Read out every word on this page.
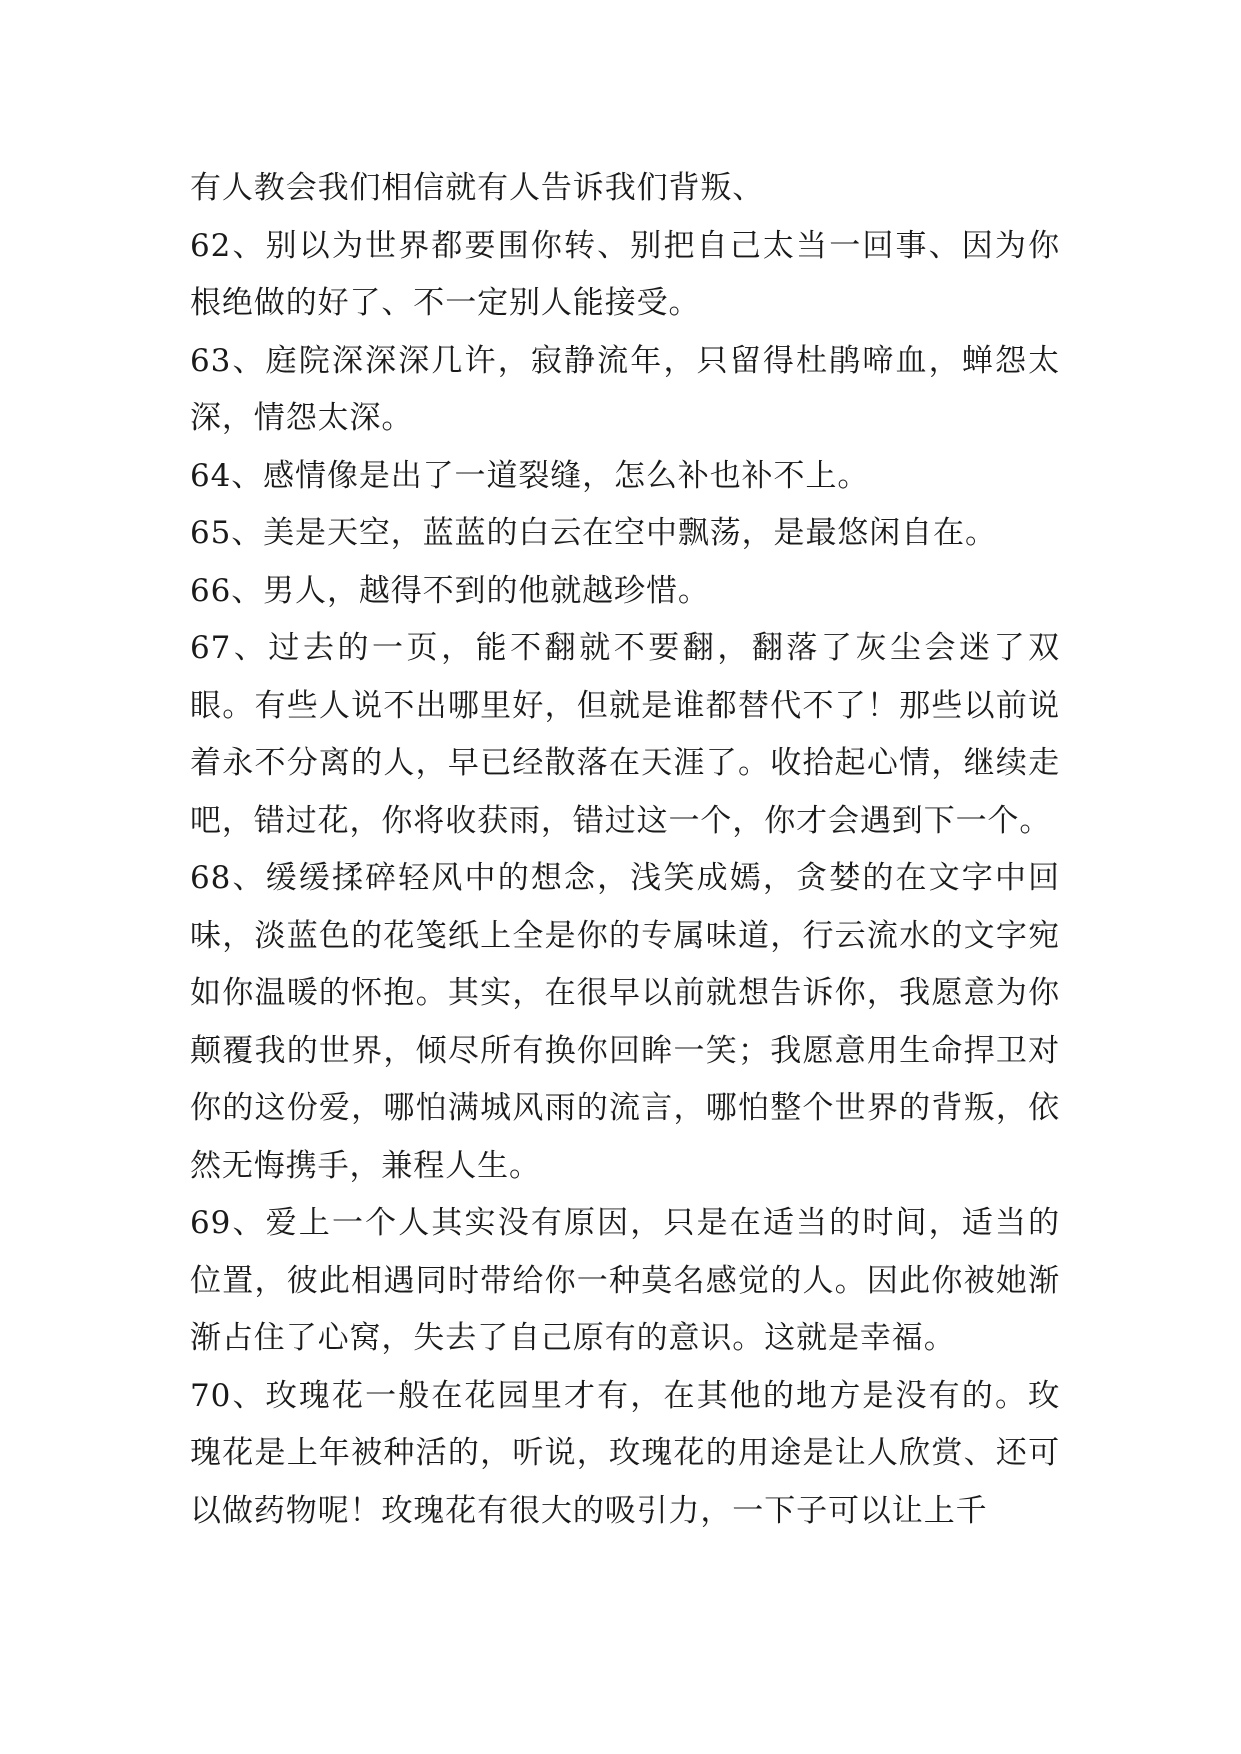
有人教会我们相信就有人告诉我们背叛、

62、别以为世界都要围你转、别把自己太当一回事、因为你根绝做的好了、不一定别人能接受。

63、庭院深深深几许，寂静流年，只留得杜鹃啼血，蝉怨太深，情怨太深。

64、感情像是出了一道裂缝，怎么补也补不上。

65、美是天空，蓝蓝的白云在空中飘荡，是最悠闲自在。

66、男人，越得不到的他就越珍惜。

67、过去的一页，能不翻就不要翻，翻落了灰尘会迷了双眼。有些人说不出哪里好，但就是谁都替代不了！那些以前说着永不分离的人，早已经散落在天涯了。收拾起心情，继续走吧，错过花，你将收获雨，错过这一个，你才会遇到下一个。

68、缓缓揉碎轻风中的想念，浅笑成嫣，贪婪的在文字中回味，淡蓝色的花笺纸上全是你的专属味道，行云流水的文字宛如你温暖的怀抱。其实，在很早以前就想告诉你，我愿意为你颠覆我的世界，倾尽所有换你回眸一笑；我愿意用生命捍卫对你的这份爱，哪怕满城风雨的流言，哪怕整个世界的背叛，依然无悔携手，兼程人生。

69、爱上一个人其实没有原因，只是在适当的时间，适当的位置，彼此相遇同时带给你一种莫名感觉的人。因此你被她渐渐占住了心窝，失去了自己原有的意识。这就是幸福。

70、玫瑰花一般在花园里才有，在其他的地方是没有的。玫瑰花是上年被种活的，听说，玫瑰花的用途是让人欣赏、还可以做药物呢！玫瑰花有很大的吸引力，一下子可以让上千
